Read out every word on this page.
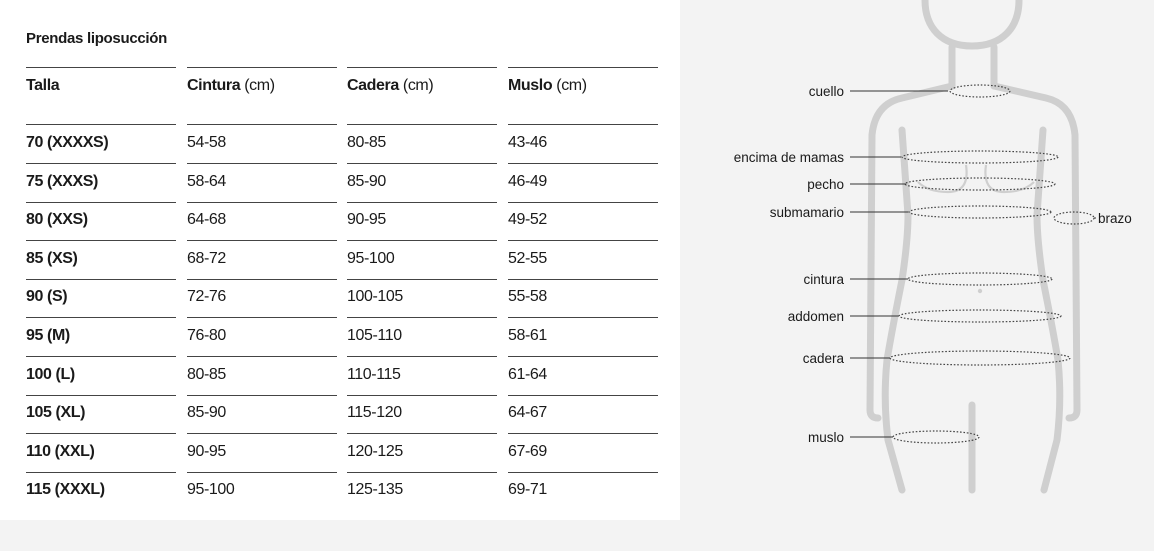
Prendas liposucción
Talla	Cintura (cm)	Cadera (cm)	Muslo (cm)
70 (XXXXS)	54-58	80-85	43-46
75 (XXXS)	58-64	85-90	46-49
80 (XXS)	64-68	90-95	49-52
85 (XS)	68-72	95-100	52-55
90 (S)	72-76	100-105	55-58
95 (M)	76-80	105-110	58-61
100 (L)	80-85	110-115	61-64
105 (XL)	85-90	115-120	64-67
110 (XXL)	90-95	120-125	67-69
115 (XXXL)	95-100	125-135	69-71
cuello
encima de mamas
pecho
submamario	brazo
cintura
addomen
cadera
muslo
